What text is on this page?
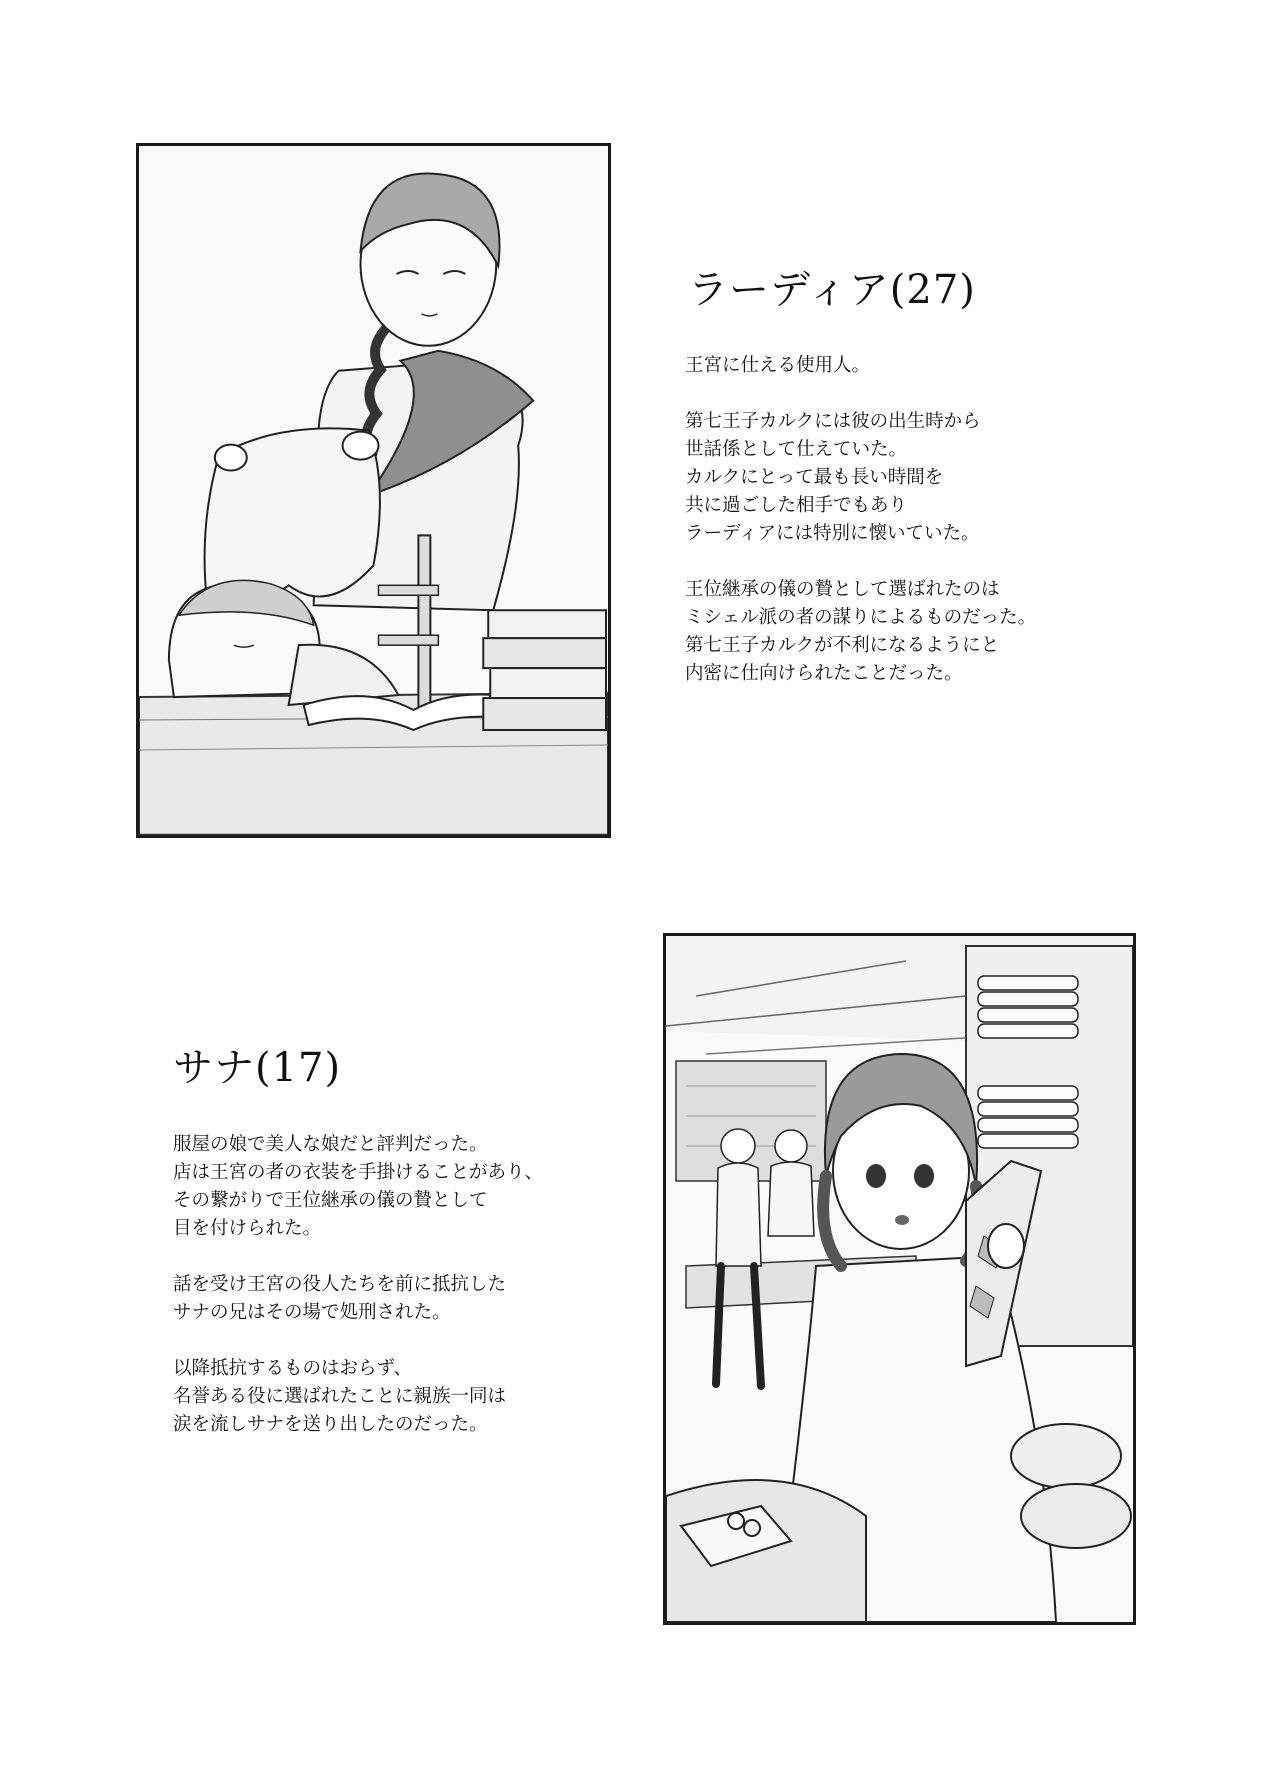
ラーディア(27)

王宮に仕える使用人。

第七王子カルクには彼の出生時から
世話係として仕えていた。
カルクにとって最も長い時間を
共に過ごした相手でもあり
ラーディアには特別に懐いていた。

王位継承の儀の贄として選ばれたのは
ミシェル派の者の謀りによるものだった。
第七王子カルクが不利になるようにと
内密に仕向けられたことだった。

サナ(17)

服屋の娘で美人な娘だと評判だった。
店は王宮の者の衣装を手掛けることがあり、
その繋がりで王位継承の儀の贄として
目を付けられた。

話を受け王宮の役人たちを前に抵抗した
サナの兄はその場で処刑された。

以降抵抗するものはおらず、
名誉ある役に選ばれたことに親族一同は
涙を流しサナを送り出したのだった。
